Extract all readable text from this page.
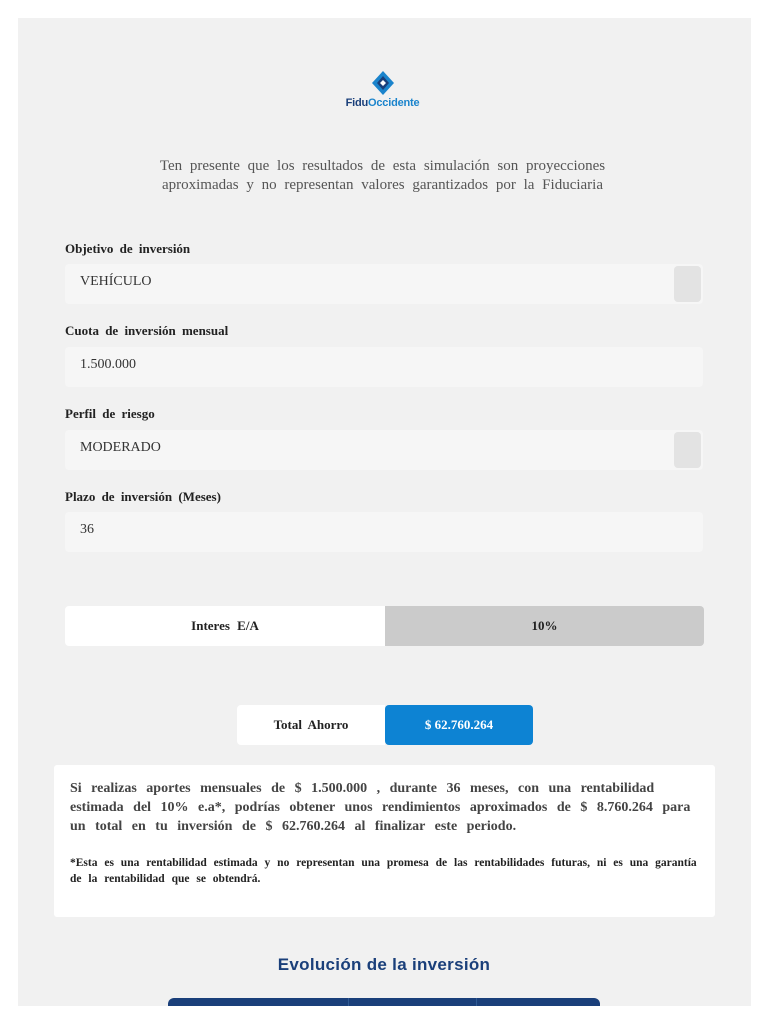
FiduOccidente
Ten presente que los resultados de esta simulación son proyecciones aproximadas y no representan valores garantizados por la Fiduciaria
Objetivo de inversión
VEHÍCULO
Cuota de inversión mensual
1.500.000
Perfil de riesgo
MODERADO
Plazo de inversión (Meses)
36
Interes E/A	10%
Total Ahorro	$ 62.760.264

Si realizas aportes mensuales de $ 1.500.000 , durante 36 meses, con una rentabilidad estimada del 10% e.a*, podrías obtener unos rendimientos aproximados de $ 8.760.264 para un total en tu inversión de $ 62.760.264 al finalizar este periodo.

*Esta es una rentabilidad estimada y no representan una promesa de las rentabilidades futuras, ni es una garantía de la rentabilidad que se obtendrá.

Evolución de la inversión
